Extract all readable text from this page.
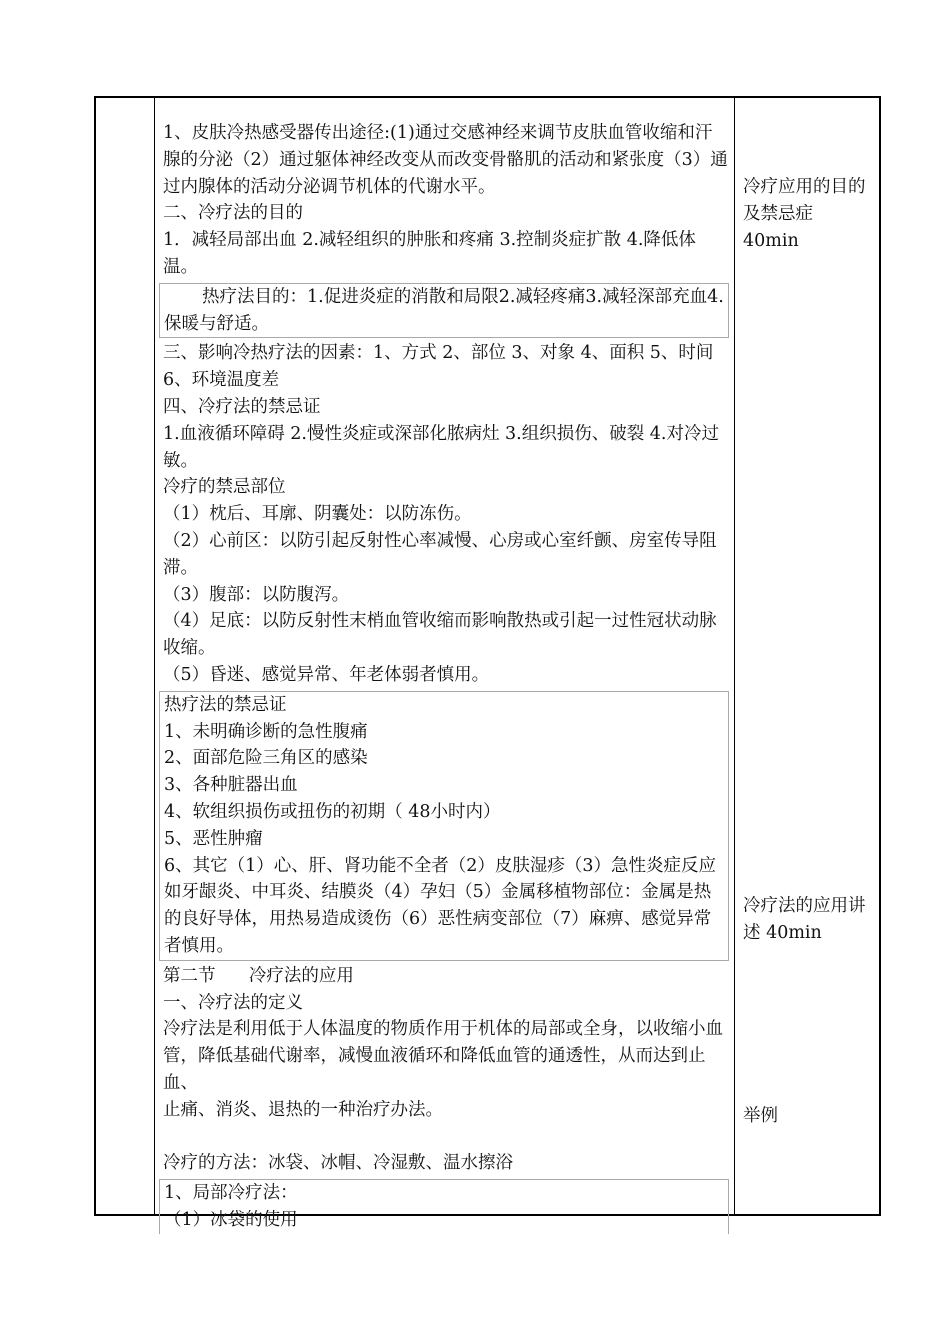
1、皮肤冷热感受器传出途径:(1)通过交感神经来调节皮肤血管收缩和汗腺的分泌（2）通过躯体神经改变从而改变骨骼肌的活动和紧张度（3）通过内腺体的活动分泌调节机体的代谢水平。

二、冷疗法的目的

1．减轻局部出血 2.减轻组织的肿胀和疼痛 3.控制炎症扩散 4.降低体温。

热疗法目的：1.促进炎症的消散和局限2.减轻疼痛3.减轻深部充血4.保暖与舒适。

三、影响冷热疗法的因素：1、方式 2、部位 3、对象 4、面积 5、时间 6、环境温度差

四、冷疗法的禁忌证

1.血液循环障碍 2.慢性炎症或深部化脓病灶 3.组织损伤、破裂 4.对冷过敏。

冷疗的禁忌部位

（1）枕后、耳廓、阴囊处：以防冻伤。

（2）心前区：以防引起反射性心率减慢、心房或心室纤颤、房室传导阻滞。

（3）腹部：以防腹泻。

（4）足底：以防反射性末梢血管收缩而影响散热或引起一过性冠状动脉收缩。

（5）昏迷、感觉异常、年老体弱者慎用。

热疗法的禁忌证

1、未明确诊断的急性腹痛

2、面部危险三角区的感染

3、各种脏器出血

4、软组织损伤或扭伤的初期（ 48小时内）

5、恶性肿瘤

6、其它（1）心、肝、肾功能不全者（2）皮肤湿疹（3）急性炎症反应如牙龈炎、中耳炎、结膜炎（4）孕妇（5）金属移植物部位：金属是热的良好导体，用热易造成烫伤（6）恶性病变部位（7）麻痹、感觉异常者慎用。

第二节      冷疗法的应用

一、冷疗法的定义

冷疗法是利用低于人体温度的物质作用于机体的局部或全身，以收缩小血管，降低基础代谢率，减慢血液循环和降低血管的通透性，从而达到止血、

止痛、消炎、退热的一种治疗办法。

冷疗的方法：冰袋、冰帽、冷湿敷、温水擦浴

1、局部冷疗法：

（1）冰袋的使用

冷疗应用的目的及禁忌症 40min

冷疗法的应用讲述 40min

举例
